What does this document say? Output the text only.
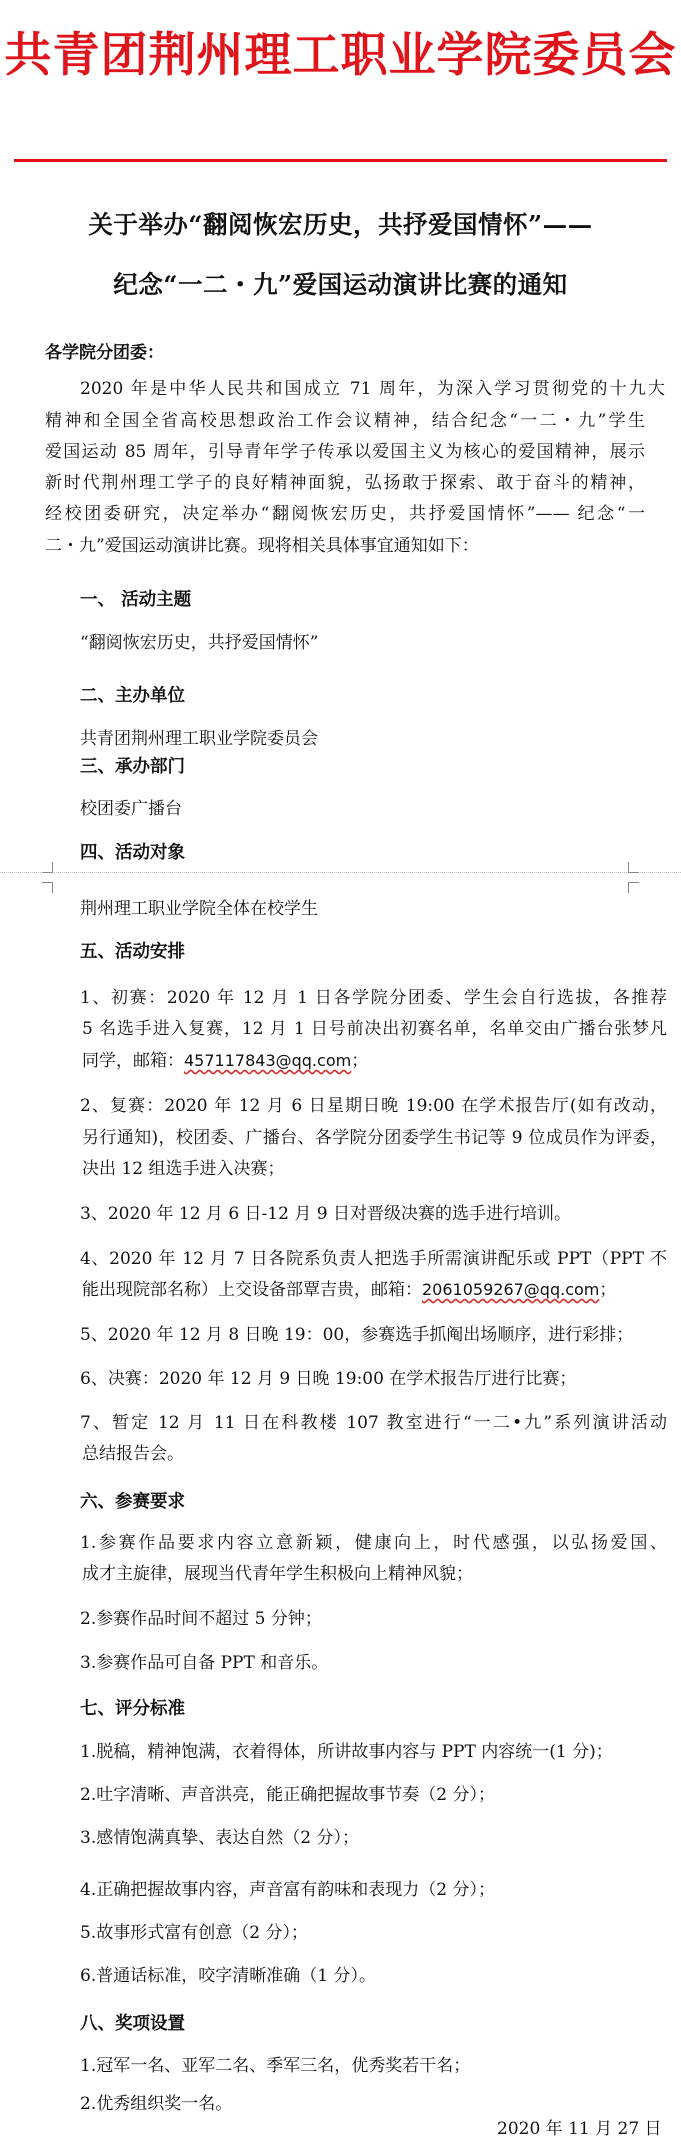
共青团荆州理工职业学院委员会
关于举办“翻阅恢宏历史，共抒爱国情怀”——
纪念“一二・九”爱国运动演讲比赛的通知
各学院分团委：
2020 年是中华人民共和国成立 71 周年，为深入学习贯彻党的十九大
精神和全国全省高校思想政治工作会议精神，结合纪念“一二・九”学生
爱国运动 85 周年，引导青年学子传承以爱国主义为核心的爱国精神，展示
新时代荆州理工学子的良好精神面貌，弘扬敢于探索、敢于奋斗的精神，
经校团委研究，决定举办“翻阅恢宏历史，共抒爱国情怀”—— 纪念“一
二・九”爱国运动演讲比赛。现将相关具体事宜通知如下：
一、 活动主题
“翻阅恢宏历史，共抒爱国情怀”
二、主办单位
共青团荆州理工职业学院委员会
三、承办部门
校团委广播台
四、活动对象
荆州理工职业学院全体在校学生
五、活动安排
1、初赛：2020 年 12 月 1 日各学院分团委、学生会自行选拔，各推荐
5 名选手进入复赛，12 月 1 日号前决出初赛名单，名单交由广播台张梦凡
同学，邮箱：457117843@qq.com；
2、复赛：2020 年 12 月 6 日星期日晚 19:00 在学术报告厅(如有改动，
另行通知)，校团委、广播台、各学院分团委学生书记等 9 位成员作为评委，
决出 12 组选手进入决赛；
3、2020 年 12 月 6 日-12 月 9 日对晋级决赛的选手进行培训。
4、2020 年 12 月 7 日各院系负责人把选手所需演讲配乐或 PPT（PPT 不
能出现院部名称）上交设备部覃吉贵，邮箱：2061059267@qq.com；
5、2020 年 12 月 8 日晚 19：00，参赛选手抓阄出场顺序，进行彩排；
6、决赛：2020 年 12 月 9 日晚 19:00 在学术报告厅进行比赛；
7、暂定 12 月 11 日在科教楼 107 教室进行“一二•九”系列演讲活动
总结报告会。
六、参赛要求
1.参赛作品要求内容立意新颖，健康向上，时代感强，以弘扬爱国、
成才主旋律，展现当代青年学生积极向上精神风貌；
2.参赛作品时间不超过 5 分钟；
3.参赛作品可自备 PPT 和音乐。
七、评分标准
1.脱稿，精神饱满，衣着得体，所讲故事内容与 PPT 内容统一(1 分)；
2.吐字清晰、声音洪亮，能正确把握故事节奏（2 分）；
3.感情饱满真挚、表达自然（2 分）；
4.正确把握故事内容，声音富有韵味和表现力（2 分）；
5.故事形式富有创意（2 分）；
6.普通话标准，咬字清晰准确（1 分）。
八、奖项设置
1.冠军一名、亚军二名、季军三名，优秀奖若干名；
2.优秀组织奖一名。
2020 年 11 月 27 日
